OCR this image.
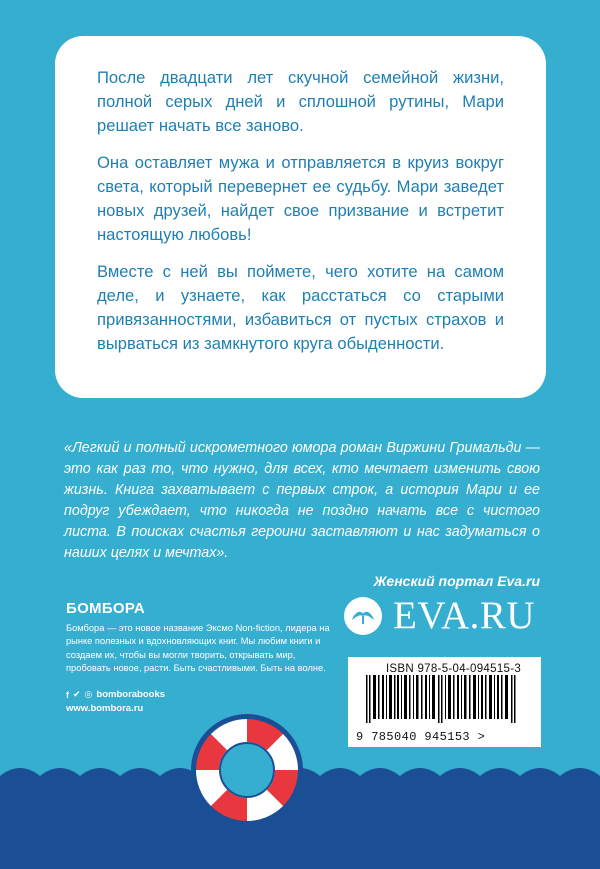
После двадцати лет скучной семейной жизни, полной серых дней и сплошной рутины, Мари решает начать все заново.

Она оставляет мужа и отправляется в круиз вокруг света, который перевернет ее судьбу. Мари заведет новых друзей, найдет свое призвание и встретит настоящую любовь!

Вместе с ней вы поймете, чего хотите на самом деле, и узнаете, как расстаться со старыми привязанностями, избавиться от пустых страхов и вырваться из замкнутого круга обыденности.

«Легкий и полный искрометного юмора роман Виржини Гримальди — это как раз то, что нужно, для всех, кто мечтает изменить свою жизнь. Книга захватывает с первых строк, а история Мари и ее подруг убеждает, что никогда не поздно начать все с чистого листа. В поисках счастья героини заставляют и нас задуматься о наших целях и мечтах».

Женский портал Eva.ru
БОМБОРА

Бомбора — это новое название Эксмо Non-fiction, лидера на рынке полезных и вдохновляющих книг. Мы любим книги и создаем их, чтобы вы могли творить, открывать мир, пробовать новое, расти. Быть счастливыми. Быть на волне.

f ✔ ◎ bomborabooks
www.bombora.ru
EVA.RU
ISBN 978-5-04-094515-3
9 785040 945153 >
